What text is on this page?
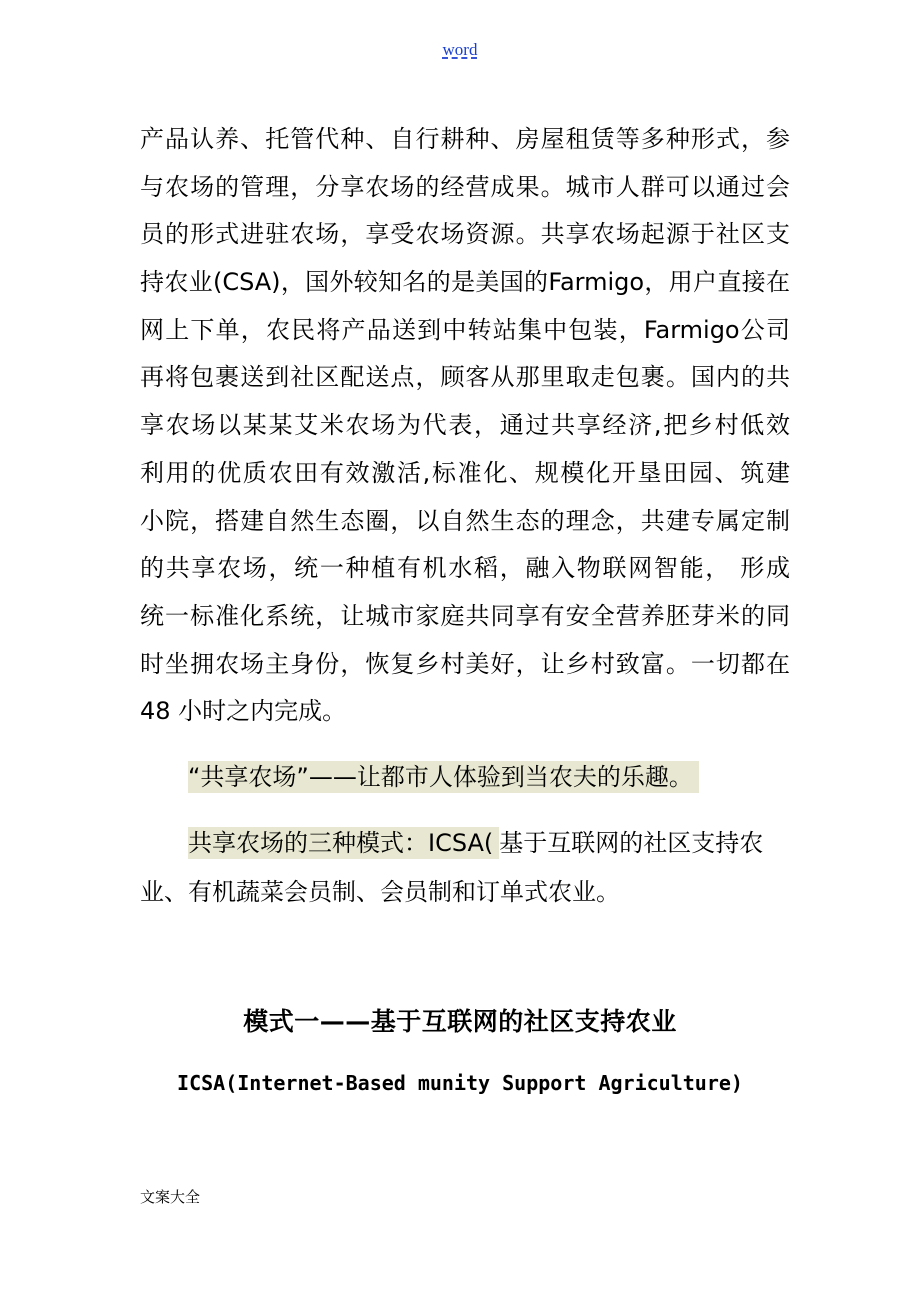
word
产品认养、托管代种、自行耕种、房屋租赁等多种形式，参
与农场的管理，分享农场的经营成果。城市人群可以通过会
员的形式进驻农场，享受农场资源。共享农场起源于社区支
持农业(CSA)，国外较知名的是美国的Farmigo，用户直接在
网上下单，农民将产品送到中转站集中包装，Farmigo公司
再将包裹送到社区配送点，顾客从那里取走包裹。国内的共
享农场以某某艾米农场为代表，通过共享经济,把乡村低效
利用的优质农田有效激活,标准化、规模化开垦田园、筑建
小院，搭建自然生态圈，以自然生态的理念，共建专属定制
的共享农场，统一种植有机水稻，融入物联网智能， 形成
统一标准化系统，让城市家庭共同享有安全营养胚芽米的同
时坐拥农场主身份，恢复乡村美好，让乡村致富。一切都在
48 小时之内完成。
“共享农场”——让都市人体验到当农夫的乐趣。
共享农场的三种模式：ICSA( 基于互联网的社区支持农
业、有机蔬菜会员制、会员制和订单式农业。
模式一——基于互联网的社区支持农业
ICSA(Internet-Based munity Support Agriculture)
文案大全
